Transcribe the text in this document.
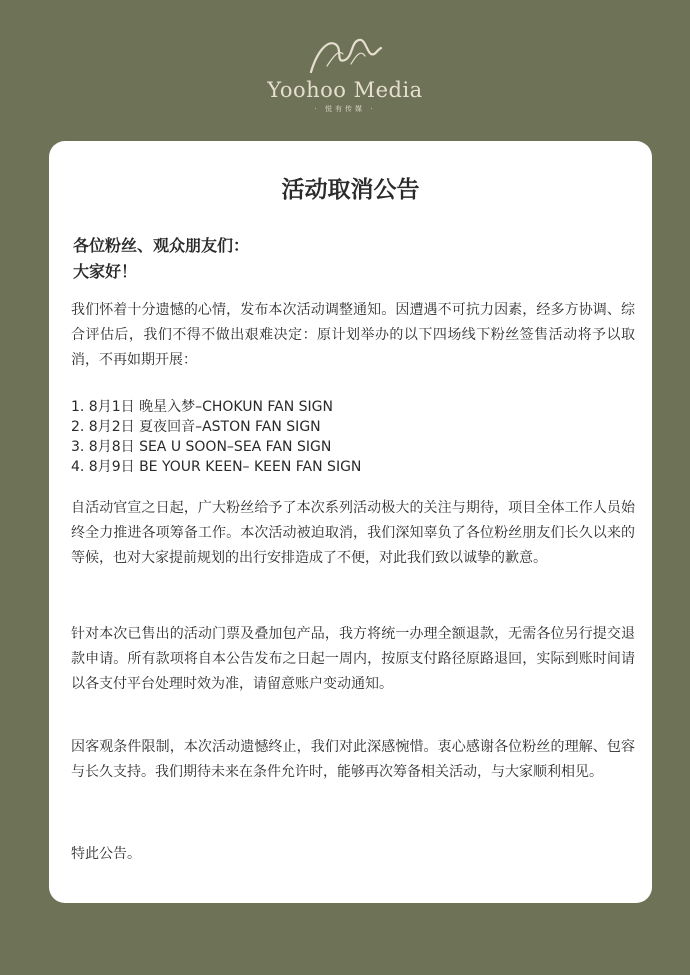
Yoohoo Media
· 悦有传媒 ·
活动取消公告
各位粉丝、观众朋友们：
大家好！
我们怀着十分遗憾的心情，发布本次活动调整通知。因遭遇不可抗力因素，经多方协调、综合评估后，我们不得不做出艰难决定：原计划举办的以下四场线下粉丝签售活动将予以取消，不再如期开展：
1. 8月1日 晚星入梦–CHOKUN FAN SIGN
2. 8月2日 夏夜回音–ASTON FAN SIGN
3. 8月8日 SEA U SOON–SEA FAN SIGN
4. 8月9日 BE YOUR KEEN– KEEN FAN SIGN
自活动官宣之日起，广大粉丝给予了本次系列活动极大的关注与期待，项目全体工作人员始终全力推进各项筹备工作。本次活动被迫取消，我们深知辜负了各位粉丝朋友们长久以来的等候，也对大家提前规划的出行安排造成了不便，对此我们致以诚挚的歉意。
针对本次已售出的活动门票及叠加包产品，我方将统一办理全额退款，无需各位另行提交退款申请。所有款项将自本公告发布之日起一周内，按原支付路径原路退回，实际到账时间请以各支付平台处理时效为准，请留意账户变动通知。
因客观条件限制，本次活动遗憾终止，我们对此深感惋惜。衷心感谢各位粉丝的理解、包容与长久支持。我们期待未来在条件允许时，能够再次筹备相关活动，与大家顺利相见。
特此公告。
